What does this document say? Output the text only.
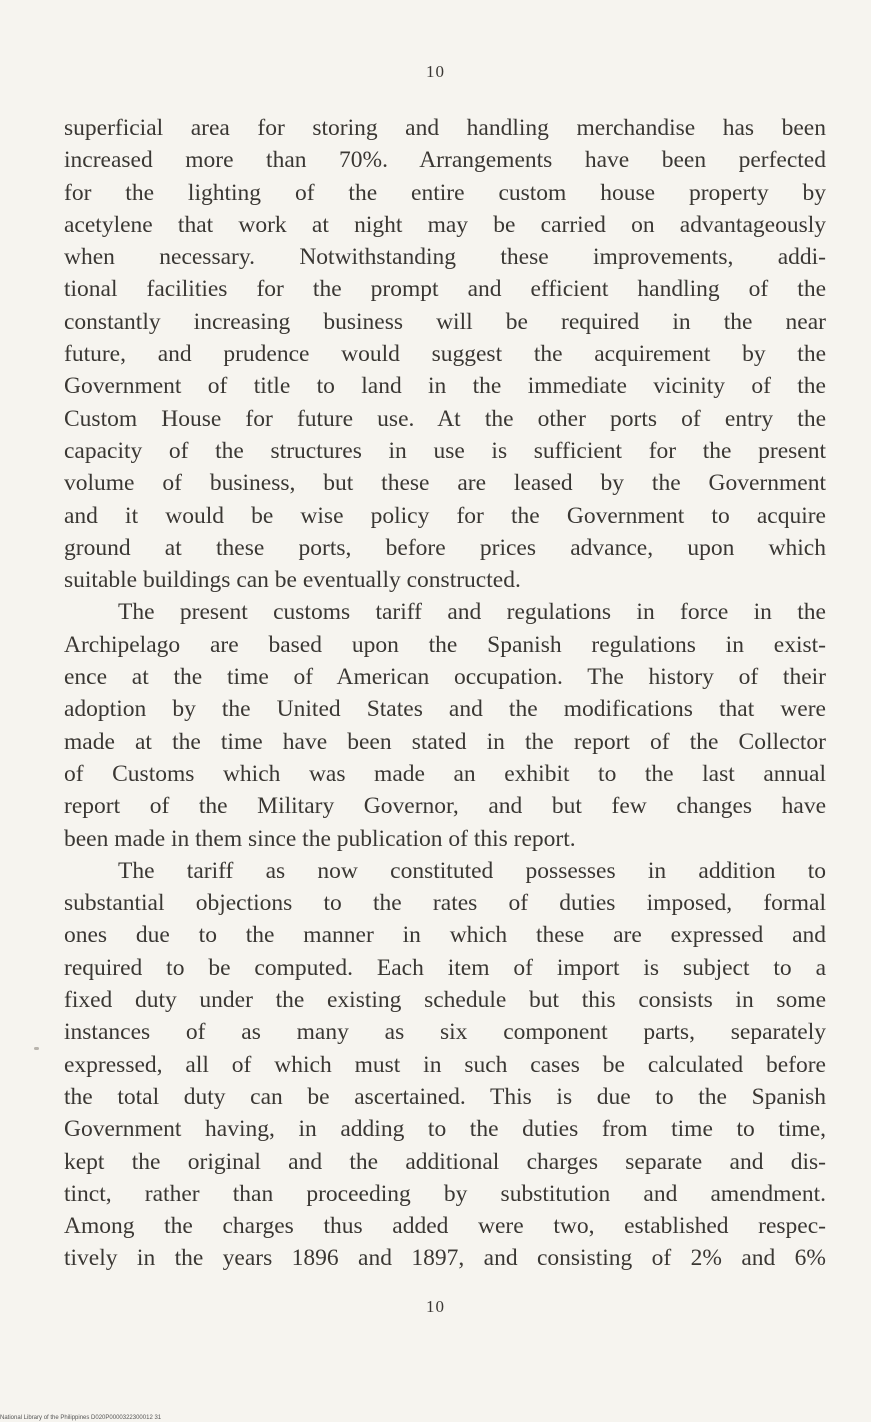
10
superficial area for storing and handling merchandise has been
increased more than 70%. Arrangements have been perfected
for the lighting of the entire custom house property by
acetylene that work at night may be carried on advantageously
when necessary. Notwithstanding these improvements, addi-
tional facilities for the prompt and efficient handling of the
constantly increasing business will be required in the near
future, and prudence would suggest the acquirement by the
Government of title to land in the immediate vicinity of the
Custom House for future use. At the other ports of entry the
capacity of the structures in use is sufficient for the present
volume of business, but these are leased by the Government
and it would be wise policy for the Government to acquire
ground at these ports, before prices advance, upon which
suitable buildings can be eventually constructed.
The present customs tariff and regulations in force in the
Archipelago are based upon the Spanish regulations in exist-
ence at the time of American occupation. The history of their
adoption by the United States and the modifications that were
made at the time have been stated in the report of the Collector
of Customs which was made an exhibit to the last annual
report of the Military Governor, and but few changes have
been made in them since the publication of this report.
The tariff as now constituted possesses in addition to
substantial objections to the rates of duties imposed, formal
ones due to the manner in which these are expressed and
required to be computed. Each item of import is subject to a
fixed duty under the existing schedule but this consists in some
instances of as many as six component parts, separately
expressed, all of which must in such cases be calculated before
the total duty can be ascertained. This is due to the Spanish
Government having, in adding to the duties from time to time,
kept the original and the additional charges separate and dis-
tinct, rather than proceeding by substitution and amendment.
Among the charges thus added were two, established respec-
tively in the years 1896 and 1897, and consisting of 2% and 6%
10
National Library of the Philippines D020P0000322300012 31
